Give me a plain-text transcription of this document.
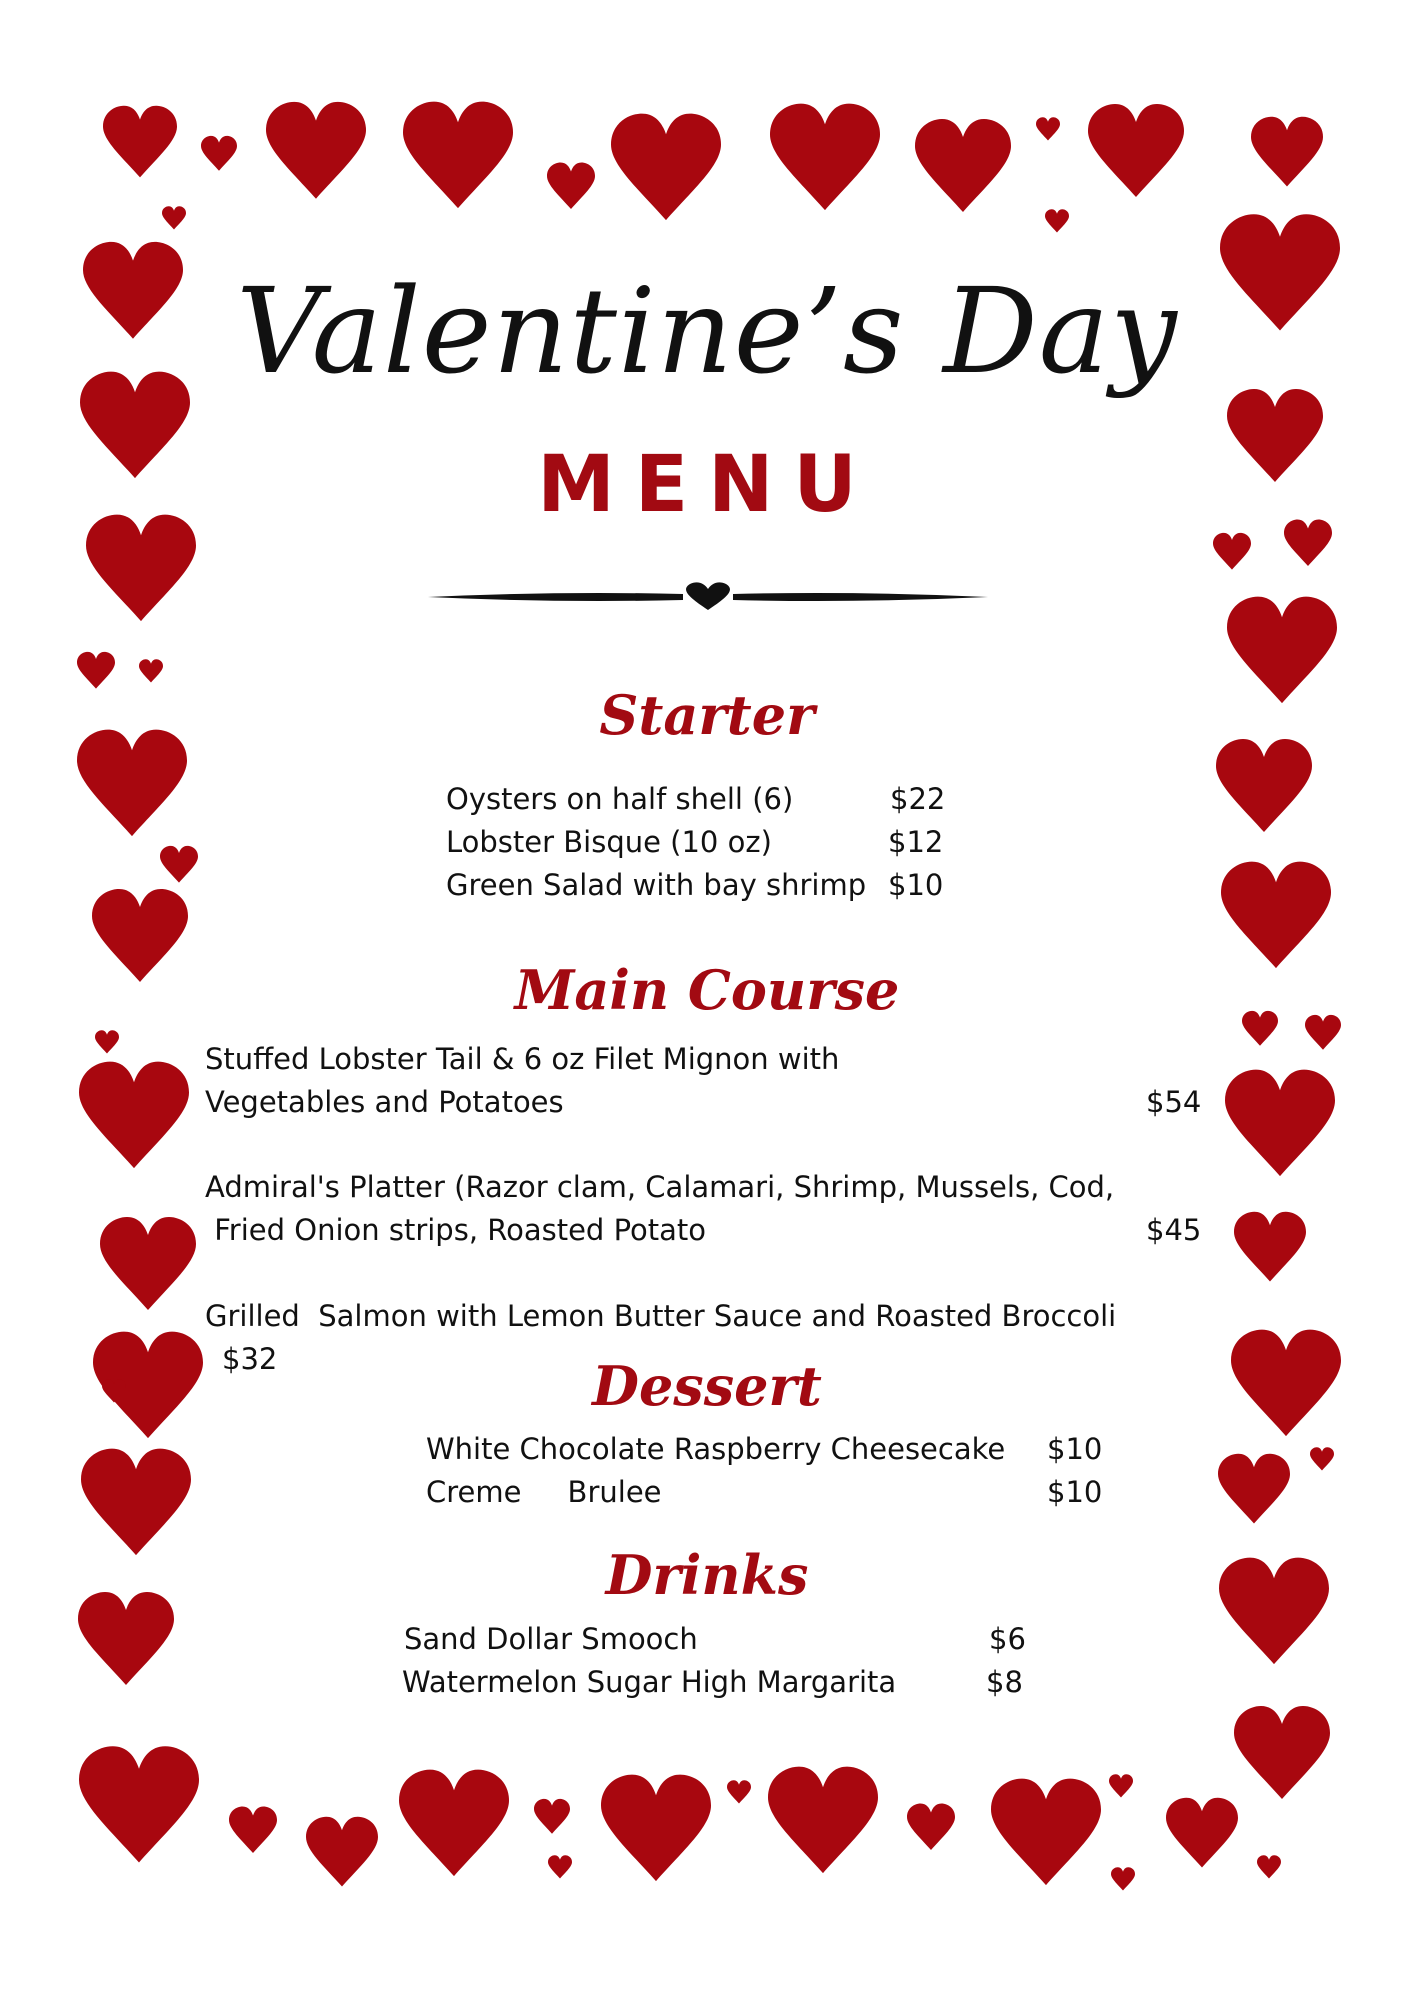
Valentine’s Day
MENU
Starter
Oysters on half shell (6)	$22
Lobster Bisque (10 oz)	$12
Green Salad with bay shrimp $10
Main Course
Stuffed Lobster Tail & 6 oz Filet Mignon with
Vegetables and Potatoes	$54
Admiral's Platter (Razor clam, Calamari, Shrimp, Mussels, Cod,
Fried Onion strips, Roasted Potato	$45
Grilled  Salmon with Lemon Butter Sauce and Roasted Broccoli
$32	Dessert
White Chocolate Raspberry Cheesecake $10
Creme     Brulee	$10
Drinks
Sand Dollar Smooch	$6
Watermelon Sugar High Margarita	$8
